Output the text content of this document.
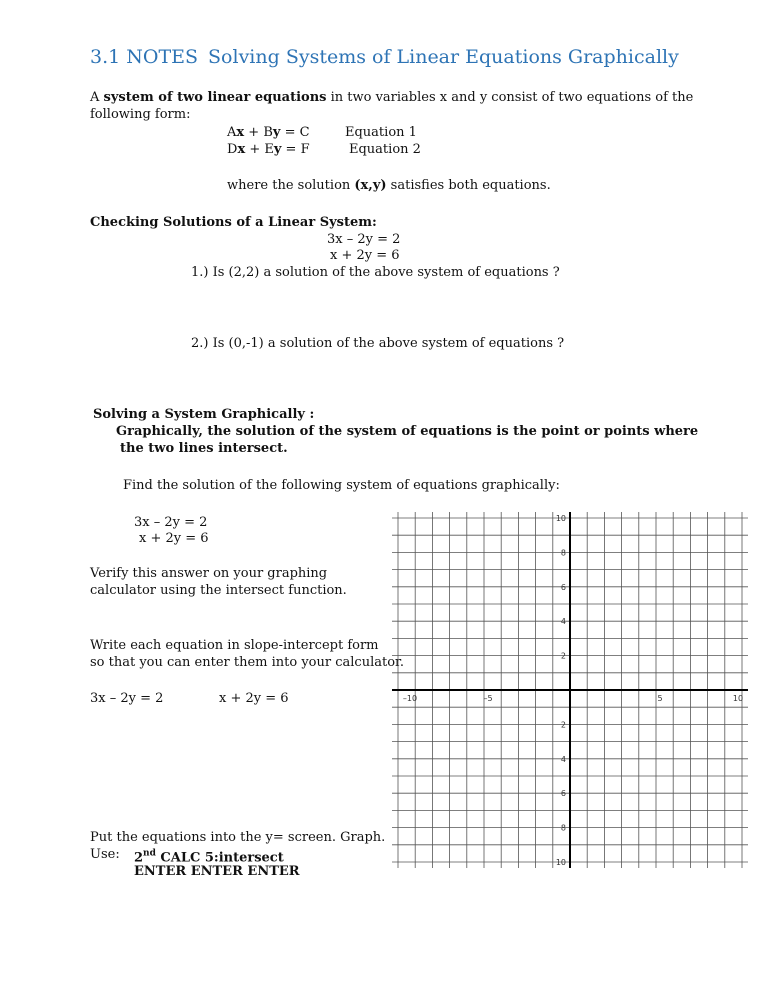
3.1 NOTES Solving Systems of Linear Equations Graphically
A system of two linear equations in two variables x and y consist of two equations of the
following form:
Ax + By = C	Equation 1
Dx + Ey = F	Equation 2
where the solution (x,y) satisfies both equations.
Checking Solutions of a Linear System:
3x – 2y = 2
x + 2y = 6
1.) Is (2,2) a solution of the above system of equations ?
2.) Is (0,-1) a solution of the above system of equations ?
Solving a System Graphically :
Graphically, the solution of the system of equations is the point or points where
the two lines intersect.
Find the solution of the following system of equations graphically:
3x – 2y = 2
x + 2y = 6
Verify this answer on your graphing
calculator using the intersect function.
Write each equation in slope-intercept form
so that you can enter them into your calculator.
3x – 2y = 2	x + 2y = 6
Put the equations into the y= screen. Graph.
Use: 2nd CALC 5:intersect
ENTER ENTER ENTER
–10	–5	5	10
10
8
6
4
2
2
4
6
8
10
